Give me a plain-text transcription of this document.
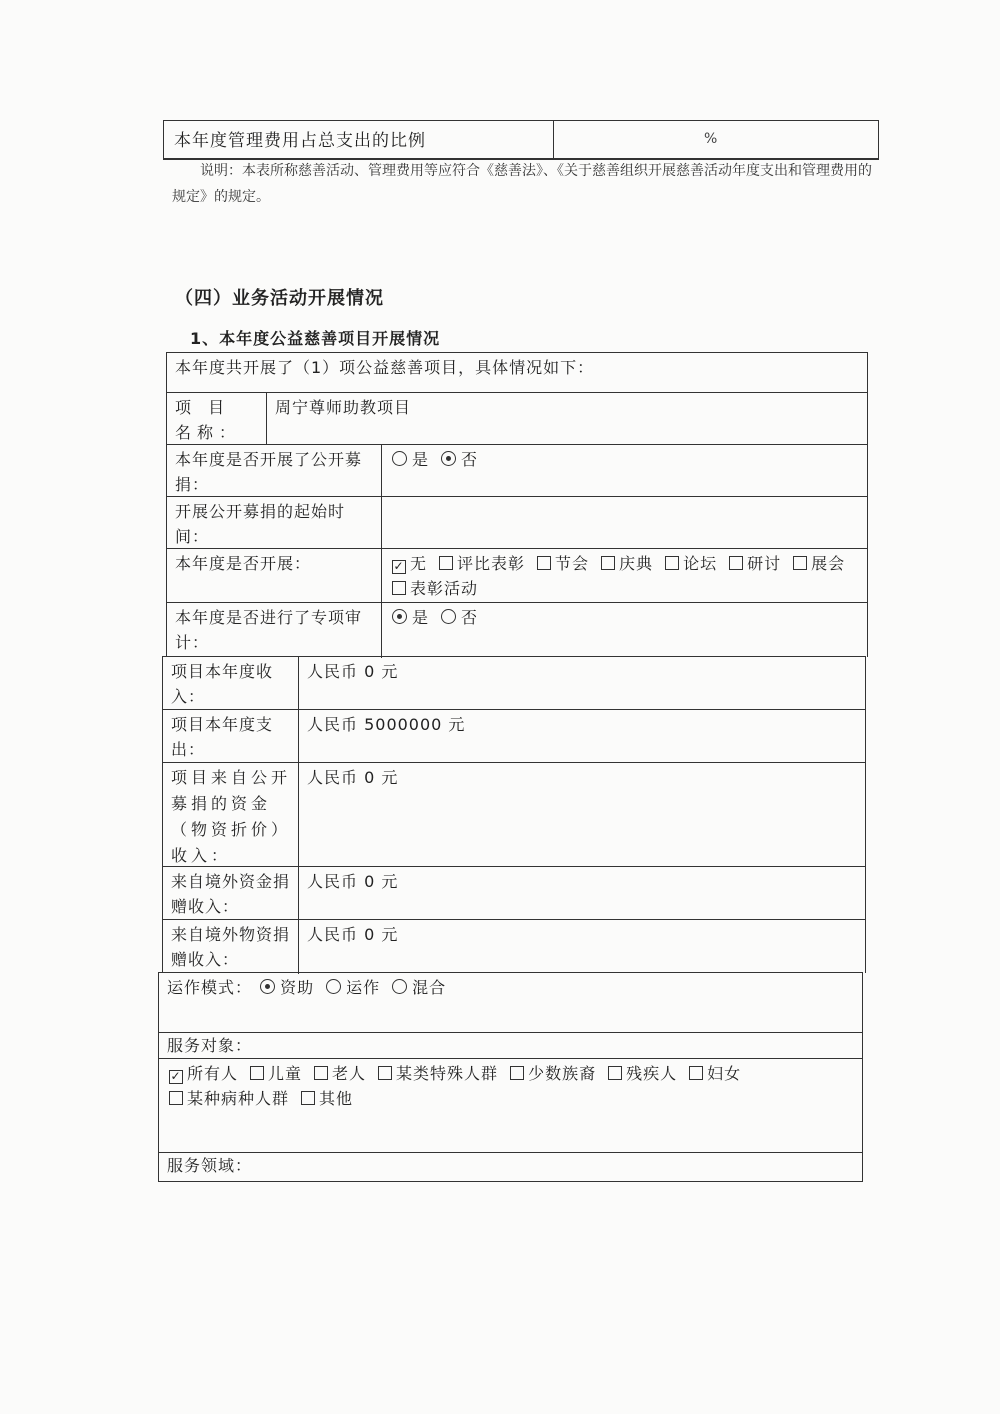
本年度管理费用占总支出的比例	%
说明：本表所称慈善活动、管理费用等应符合《慈善法》、《关于慈善组织开展慈善活动年度支出和管理费用的规定》的规定。
（四）业务活动开展情况
1、本年度公益慈善项目开展情况
本年度共开展了（1）项公益慈善项目，具体情况如下：
项 目 名称：
周宁尊师助教项目
本年度是否开展了公开募捐：
是 否
开展公开募捐的起始时间：
本年度是否开展：	✓ 无 评比表彰 节会 庆典 论坛 研讨 展会表彰活动
本年度是否进行了专项审计：
是 否
项目本年度收入：
人民币 0 元
项目本年度支出：
人民币 5000000 元
项目来自公开募捐的资金（物资折价）收入：
人民币 0 元
来自境外资金捐赠收入：
人民币 0 元
来自境外物资捐赠收入：
人民币 0 元
运作模式： 资助 运作 混合
服务对象：
✓ 所有人 儿童 老人 某类特殊人群 少数族裔 残疾人 妇女某种病种人群 其他
服务领域：
